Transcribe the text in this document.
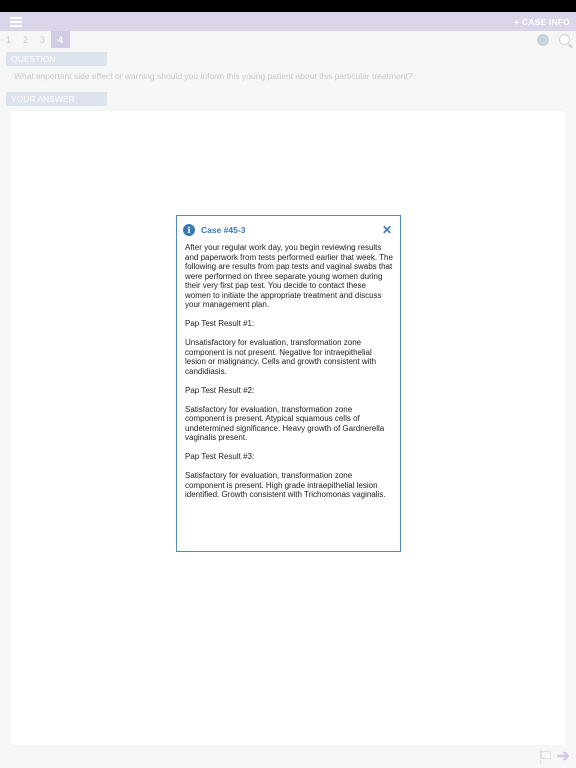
+ CASE INFO
1	2	3	4
QUESTION
What important side effect or warning should you inform this young patient about this particular treatment?
YOUR ANSWER
➔
i	Case #45-3	✕

After your regular work day, you begin reviewing results and paperwork from tests performed earlier that week. The following are results from pap tests and vaginal swabs that were performed on three separate young women during their very first pap test. You decide to contact these women to initiate the appropriate treatment and discuss your management plan.

Pap Test Result #1:

Unsatisfactory for evaluation, transformation zone component is not present. Negative for intraepithelial lesion or malignancy. Cells and growth consistent with candidiasis.

Pap Test Result #2:

Satisfactory for evaluation, transformation zone component is present. Atypical squamous cells of undetermined significance. Heavy growth of Gardnerella vaginalis present.

Pap Test Result #3:

Satisfactory for evaluation, transformation zone component is present. High grade intraepithelial lesion identified. Growth consistent with Trichomonas vaginalis.
